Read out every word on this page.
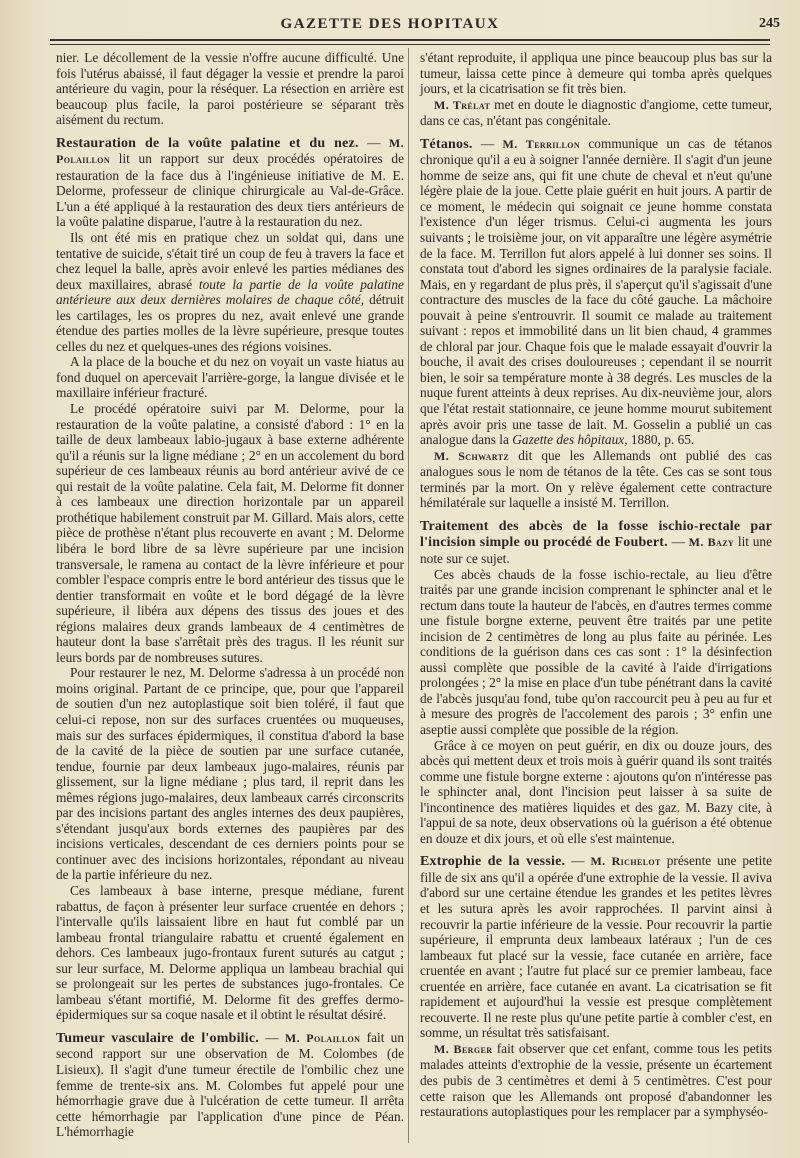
GAZETTE DES HOPITAUX	245

nier. Le décollement de la vessie n'offre aucune difficulté. Une fois l'utérus abaissé, il faut dégager la vessie et prendre la paroi antérieure du vagin, pour la réséquer. La résection en arrière est beaucoup plus facile, la paroi postérieure se séparant très aisément du rectum.

Restauration de la voûte palatine et du nez. — M. Polaillon lit un rapport sur deux procédés opératoires de restauration de la face dus à l'ingénieuse initiative de M. E. Delorme, professeur de clinique chirurgicale au Val-de-Grâce. L'un a été appliqué à la restauration des deux tiers antérieurs de la voûte palatine disparue, l'autre à la restauration du nez.

Ils ont été mis en pratique chez un soldat qui, dans une tentative de suicide, s'était tiré un coup de feu à travers la face et chez lequel la balle, après avoir enlevé les parties médianes des deux maxillaires, abrasé toute la partie de la voûte palatine antérieure aux deux dernières molaires de chaque côté, détruit les cartilages, les os propres du nez, avait enlevé une grande étendue des parties molles de la lèvre supérieure, presque toutes celles du nez et quelques-unes des régions voisines.

A la place de la bouche et du nez on voyait un vaste hiatus au fond duquel on apercevait l'arrière-gorge, la langue divisée et le maxillaire inférieur fracturé.

Le procédé opératoire suivi par M. Delorme, pour la restauration de la voûte palatine, a consisté d'abord : 1° en la taille de deux lambeaux labio-jugaux à base externe adhérente qu'il a réunis sur la ligne médiane ; 2° en un accolement du bord supérieur de ces lambeaux réunis au bord antérieur avivé de ce qui restait de la voûte palatine. Cela fait, M. Delorme fit donner à ces lambeaux une direction horizontale par un appareil prothétique habilement construit par M. Gillard. Mais alors, cette pièce de prothèse n'étant plus recouverte en avant ; M. Delorme libéra le bord libre de sa lèvre supérieure par une incision transversale, le ramena au contact de la lèvre inférieure et pour combler l'espace compris entre le bord antérieur des tissus que le dentier transformait en voûte et le bord dégagé de la lèvre supérieure, il libéra aux dépens des tissus des joues et des régions malaires deux grands lambeaux de 4 centimètres de hauteur dont la base s'arrêtait près des tragus. Il les réunit sur leurs bords par de nombreuses sutures.

Pour restaurer le nez, M. Delorme s'adressa à un procédé non moins original. Partant de ce principe, que, pour que l'appareil de soutien d'un nez autoplastique soit bien toléré, il faut que celui-ci repose, non sur des surfaces cruentées ou muqueuses, mais sur des surfaces épidermiques, il constitua d'abord la base de la cavité de la pièce de soutien par une surface cutanée, tendue, fournie par deux lambeaux jugo-malaires, réunis par glissement, sur la ligne médiane ; plus tard, il reprit dans les mêmes régions jugo-malaires, deux lambeaux carrés circonscrits par des incisions partant des angles internes des deux paupières, s'étendant jusqu'aux bords externes des paupières par des incisions verticales, descendant de ces derniers points pour se continuer avec des incisions horizontales, répondant au niveau de la partie inférieure du nez.

Ces lambeaux à base interne, presque médiane, furent rabattus, de façon à présenter leur surface cruentée en dehors ; l'intervalle qu'ils laissaient libre en haut fut comblé par un lambeau frontal triangulaire rabattu et cruenté également en dehors. Ces lambeaux jugo-frontaux furent suturés au catgut ; sur leur surface, M. Delorme appliqua un lambeau brachial qui se prolongeait sur les pertes de substances jugo-frontales. Ce lambeau s'étant mortifié, M. Delorme fit des greffes dermo-épidermiques sur sa coque nasale et il obtint le résultat désiré.

Tumeur vasculaire de l'ombilic. — M. Polaillon fait un second rapport sur une observation de M. Colombes (de Lisieux). Il s'agit d'une tumeur érectile de l'ombilic chez une femme de trente-six ans. M. Colombes fut appelé pour une hémorrhagie grave due à l'ulcération de cette tumeur. Il arrêta cette hémorrhagie par l'application d'une pince de Péan. L'hémorrhagie

s'étant reproduite, il appliqua une pince beaucoup plus bas sur la tumeur, laissa cette pince à demeure qui tomba après quelques jours, et la cicatrisation se fit très bien.

M. Trélat met en doute le diagnostic d'angiome, cette tumeur, dans ce cas, n'étant pas congénitale.

Tétanos. — M. Terrillon communique un cas de tétanos chronique qu'il a eu à soigner l'année dernière. Il s'agit d'un jeune homme de seize ans, qui fit une chute de cheval et n'eut qu'une légère plaie de la joue. Cette plaie guérit en huit jours. A partir de ce moment, le médecin qui soignait ce jeune homme constata l'existence d'un léger trismus. Celui-ci augmenta les jours suivants ; le troisième jour, on vit apparaître une légère asymétrie de la face. M. Terrillon fut alors appelé à lui donner ses soins. Il constata tout d'abord les signes ordinaires de la paralysie faciale. Mais, en y regardant de plus près, il s'aperçut qu'il s'agissait d'une contracture des muscles de la face du côté gauche. La mâchoire pouvait à peine s'entrouvrir. Il soumit ce malade au traitement suivant : repos et immobilité dans un lit bien chaud, 4 grammes de chloral par jour. Chaque fois que le malade essayait d'ouvrir la bouche, il avait des crises douloureuses ; cependant il se nourrit bien, le soir sa température monte à 38 degrés. Les muscles de la nuque furent atteints à deux reprises. Au dix-neuvième jour, alors que l'état restait stationnaire, ce jeune homme mourut subitement après avoir pris une tasse de lait. M. Gosselin a publié un cas analogue dans la Gazette des hôpitaux, 1880, p. 65.

M. Schwartz dit que les Allemands ont publié des cas analogues sous le nom de tétanos de la tête. Ces cas se sont tous terminés par la mort. On y relève également cette contracture hémilatérale sur laquelle a insisté M. Terrillon.

Traitement des abcès de la fosse ischio-rectale par l'incision simple ou procédé de Foubert. — M. Bazy lit une note sur ce sujet.

Ces abcès chauds de la fosse ischio-rectale, au lieu d'être traités par une grande incision comprenant le sphincter anal et le rectum dans toute la hauteur de l'abcès, en d'autres termes comme une fistule borgne externe, peuvent être traités par une petite incision de 2 centimètres de long au plus faite au périnée. Les conditions de la guérison dans ces cas sont : 1° la désinfection aussi complète que possible de la cavité à l'aide d'irrigations prolongées ; 2° la mise en place d'un tube pénétrant dans la cavité de l'abcès jusqu'au fond, tube qu'on raccourcit peu à peu au fur et à mesure des progrès de l'accolement des parois ; 3° enfin une aseptie aussi complète que possible de la région.

Grâce à ce moyen on peut guérir, en dix ou douze jours, des abcès qui mettent deux et trois mois à guérir quand ils sont traités comme une fistule borgne externe : ajoutons qu'on n'intéresse pas le sphincter anal, dont l'incision peut laisser à sa suite de l'incontinence des matières liquides et des gaz. M. Bazy cite, à l'appui de sa note, deux observations où la guérison a été obtenue en douze et dix jours, et où elle s'est maintenue.

Extrophie de la vessie. — M. Richelot présente une petite fille de six ans qu'il a opérée d'une extrophie de la vessie. Il aviva d'abord sur une certaine étendue les grandes et les petites lèvres et les sutura après les avoir rapprochées. Il parvint ainsi à recouvrir la partie inférieure de la vessie. Pour recouvrir la partie supérieure, il emprunta deux lambeaux latéraux ; l'un de ces lambeaux fut placé sur la vessie, face cutanée en arrière, face cruentée en avant ; l'autre fut placé sur ce premier lambeau, face cruentée en arrière, face cutanée en avant. La cicatrisation se fit rapidement et aujourd'hui la vessie est presque complètement recouverte. Il ne reste plus qu'une petite partie à combler c'est, en somme, un résultat très satisfaisant.

M. Berger fait observer que cet enfant, comme tous les petits malades atteints d'extrophie de la vessie, présente un écartement des pubis de 3 centimètres et demi à 5 centimètres. C'est pour cette raison que les Allemands ont proposé d'abandonner les restaurations autoplastiques pour les remplacer par a symphyséo-
